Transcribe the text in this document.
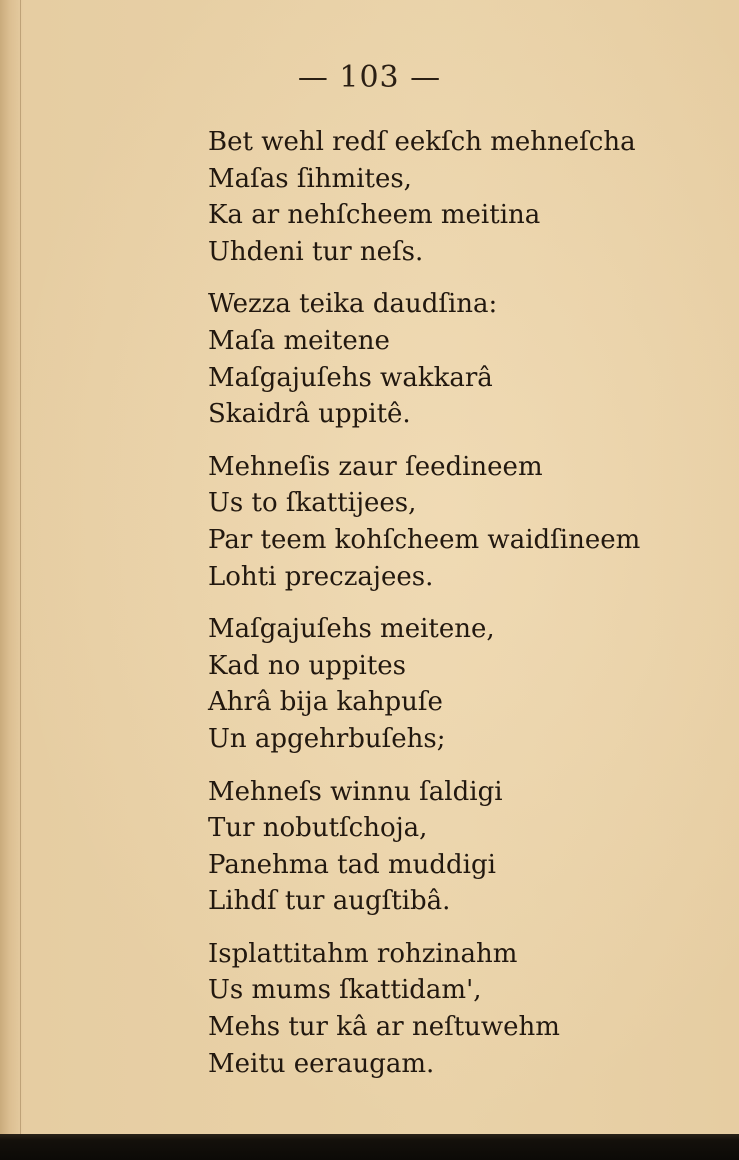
— 103 —
Bet wehl redſ eekſch mehneſcha
Maſas ſihmites,
Ka ar nehſcheem meitina
Uhdeni tur neſs.
Wezza teika daudſina:
Maſa meitene
Maſgajuſehs wakkarâ
Skaidrâ uppitê.
Mehneſis zaur ſeedineem
Us to ſkattijees,
Par teem kohſcheem waidſineem
Lohti preczajees.
Maſgajuſehs meitene,
Kad no uppites
Ahrâ bija kahpuſe
Un apgehrbuſehs;
Mehneſs winnu ſaldigi
Tur nobutſchoja,
Panehma tad muddigi
Lihdſ tur augſtibâ.
Isplattitahm rohzinahm
Us mums ſkattidam',
Mehs tur kâ ar neſtuwehm
Meitu eeraugam.
